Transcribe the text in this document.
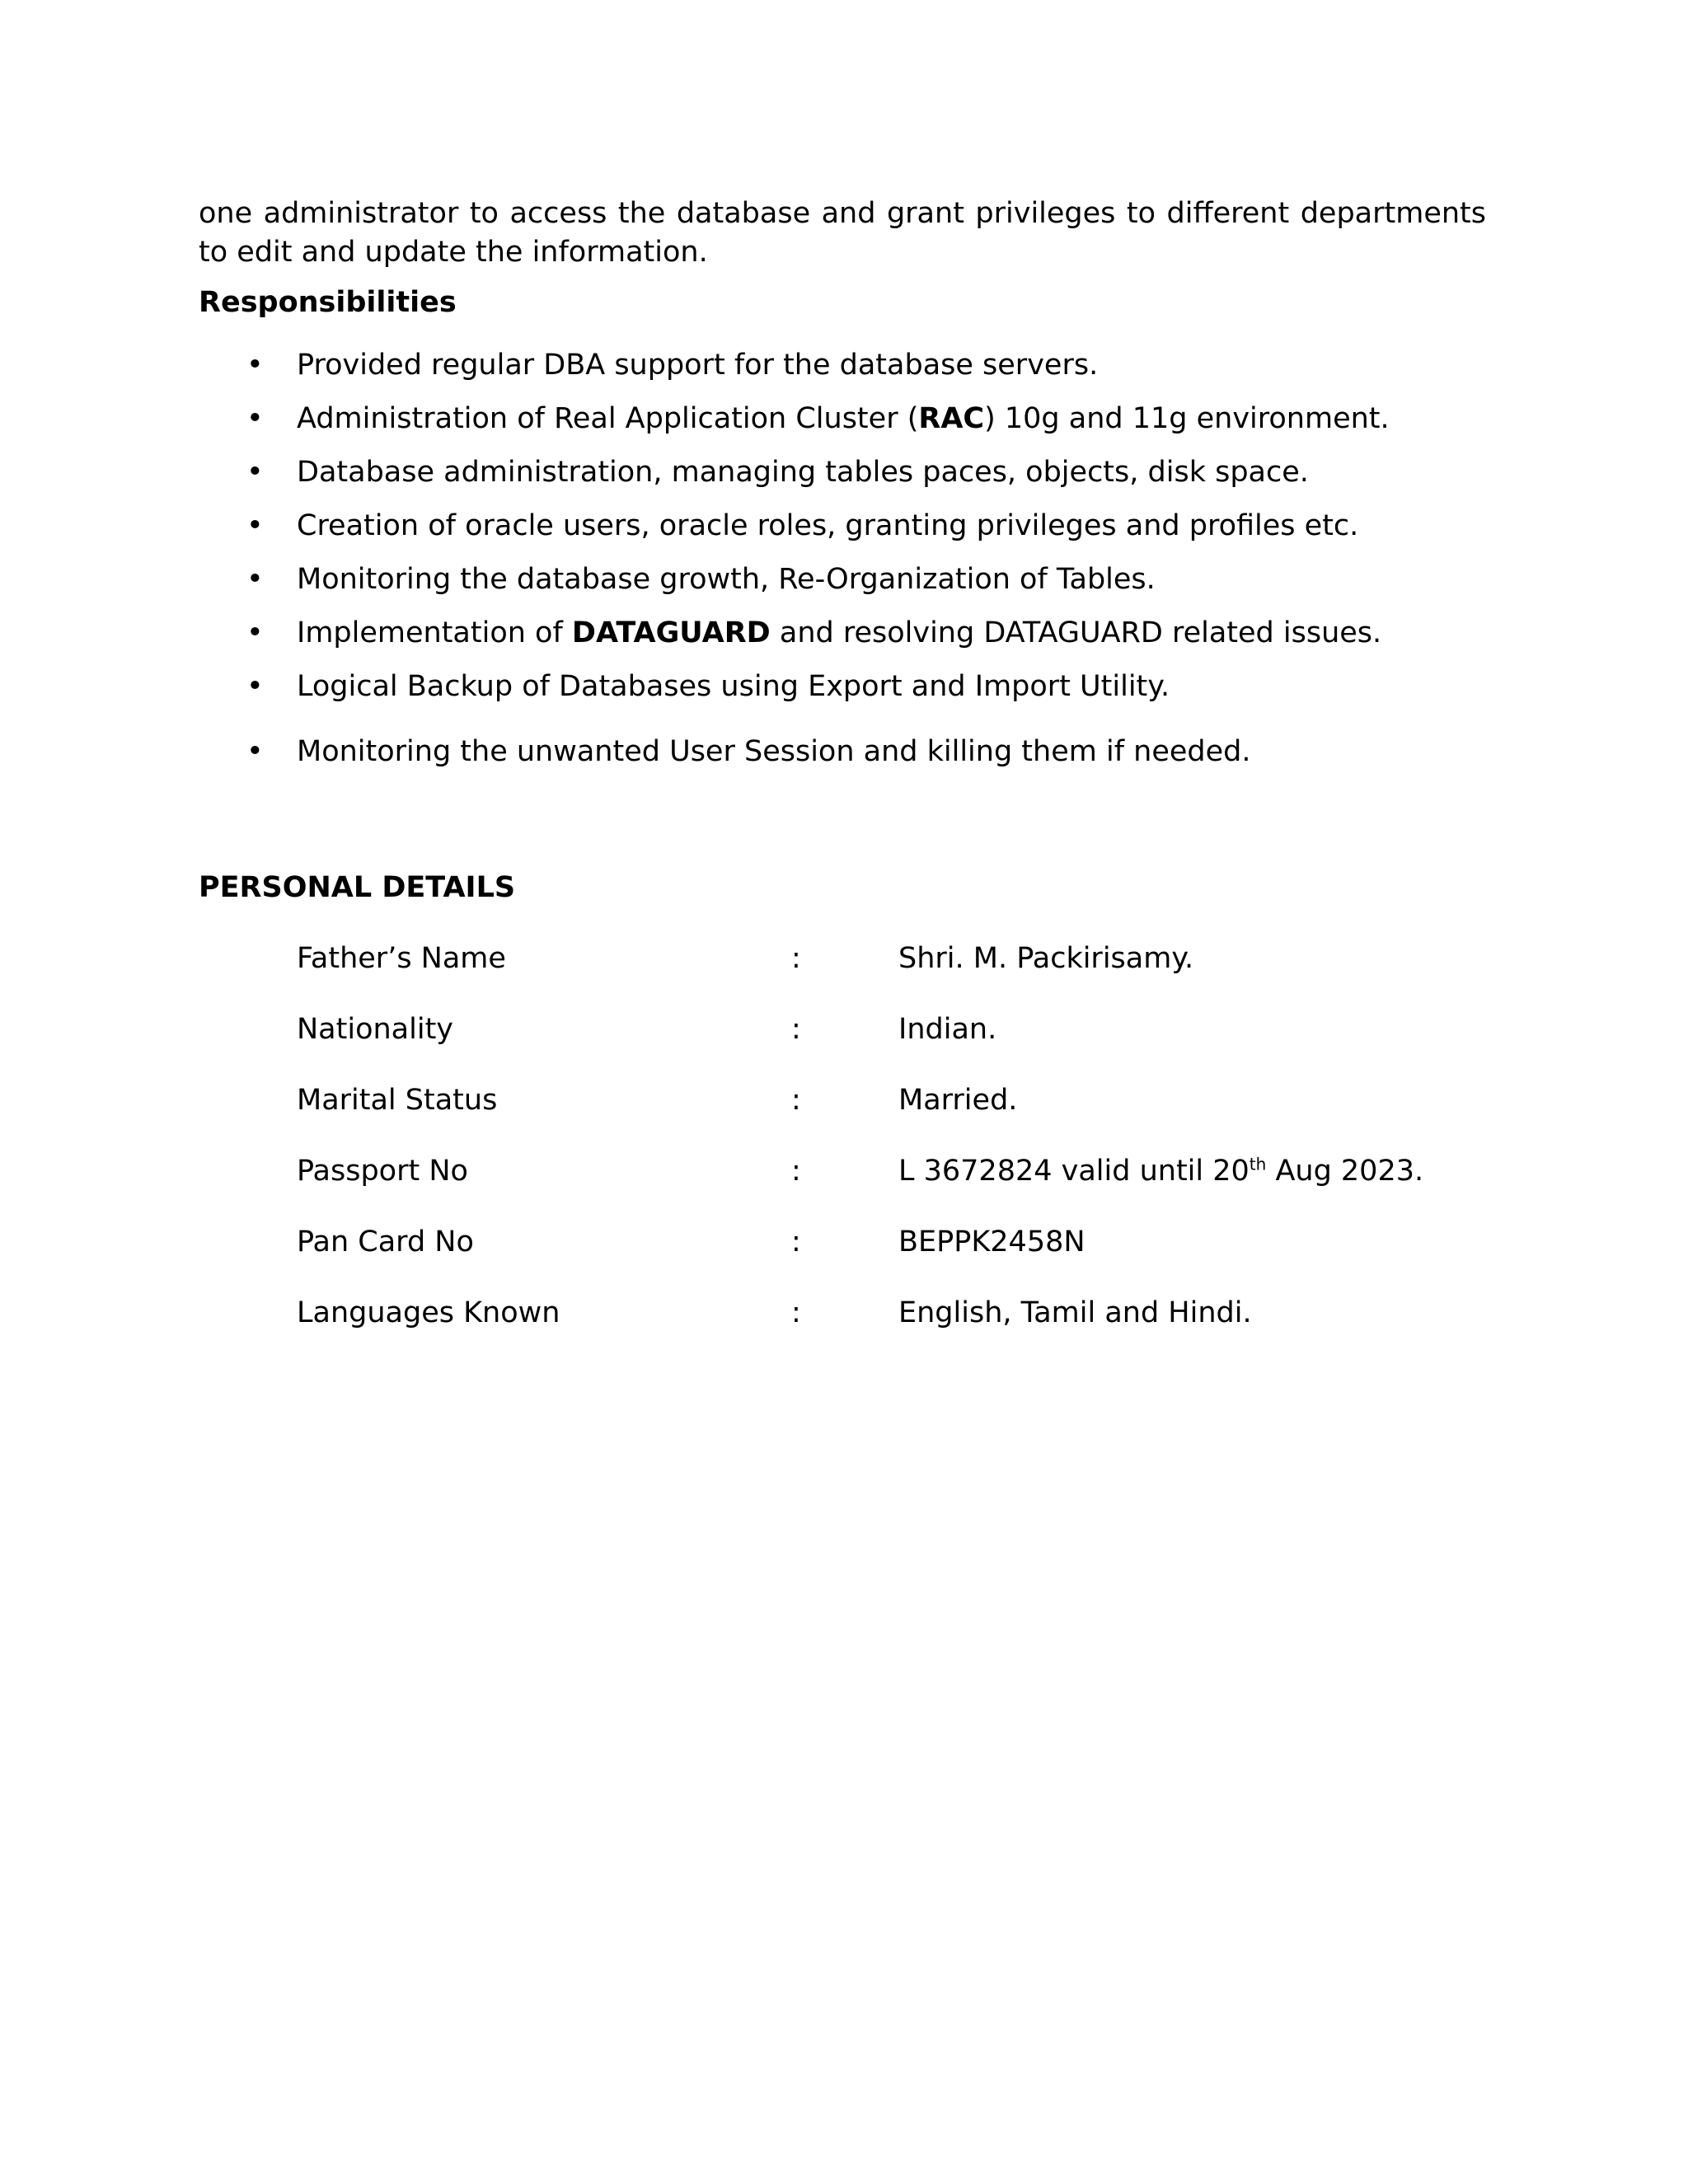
one administrator to access the database and grant privileges to different departments to edit and update the information.

Responsibilities
• Provided regular DBA support for the database servers.
• Administration of Real Application Cluster (RAC) 10g and 11g environment.
• Database administration, managing tables paces, objects, disk space.
• Creation of oracle users, oracle roles, granting privileges and profiles etc.
• Monitoring the database growth, Re-Organization of Tables.
• Implementation of DATAGUARD and resolving DATAGUARD related issues.
• Logical Backup of Databases using Export and Import Utility.
• Monitoring the unwanted User Session and killing them if needed.
PERSONAL DETAILS
Father’s Name	:	Shri. M. Packirisamy.
Nationality	:	Indian.
Marital Status	:	Married.
Passport No	:	L 3672824 valid until 20th Aug 2023.
Pan Card No	:	BEPPK2458N
Languages Known	:	English, Tamil and Hindi.
